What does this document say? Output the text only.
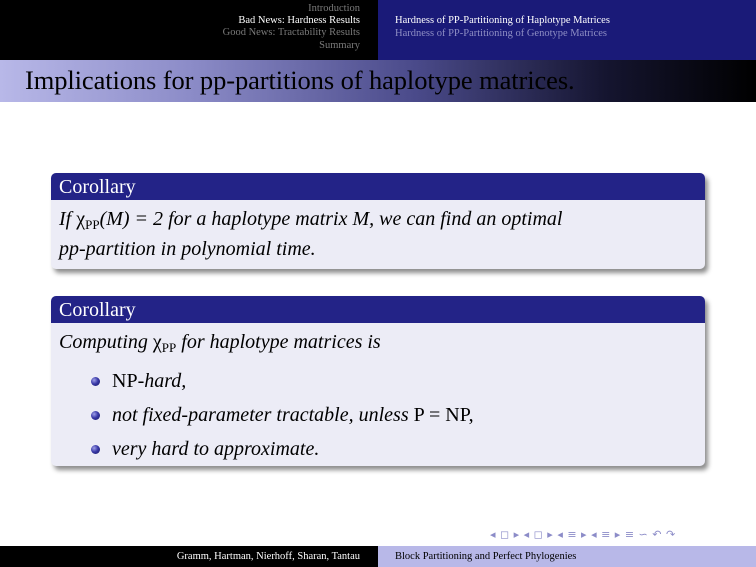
Introduction
Bad News: Hardness Results
Good News: Tractability Results
Summary
Hardness of PP-Partitioning of Haplotype Matrices
Hardness of PP-Partitioning of Genotype Matrices
Implications for pp-partitions of haplotype matrices.
Corollary
If $\chi_{PP}(M) = 2$ for a haplotype matrix M, we can find an optimal
pp-partition in polynomial time.
Corollary
Computing $\chi_{PP}$ for haplotype matrices is
NP-hard,
not fixed-parameter tractable, unless P = NP,
very hard to approximate.
◂ ◻ ▸ ◂ ◻ ▸ ◂ ≡ ▸ ◂ ≡ ▸ ≡ ∽ ↶ ↷
Gramm, Hartman, Nierhoff, Sharan, Tantau	Block Partitioning and Perfect Phylogenies
